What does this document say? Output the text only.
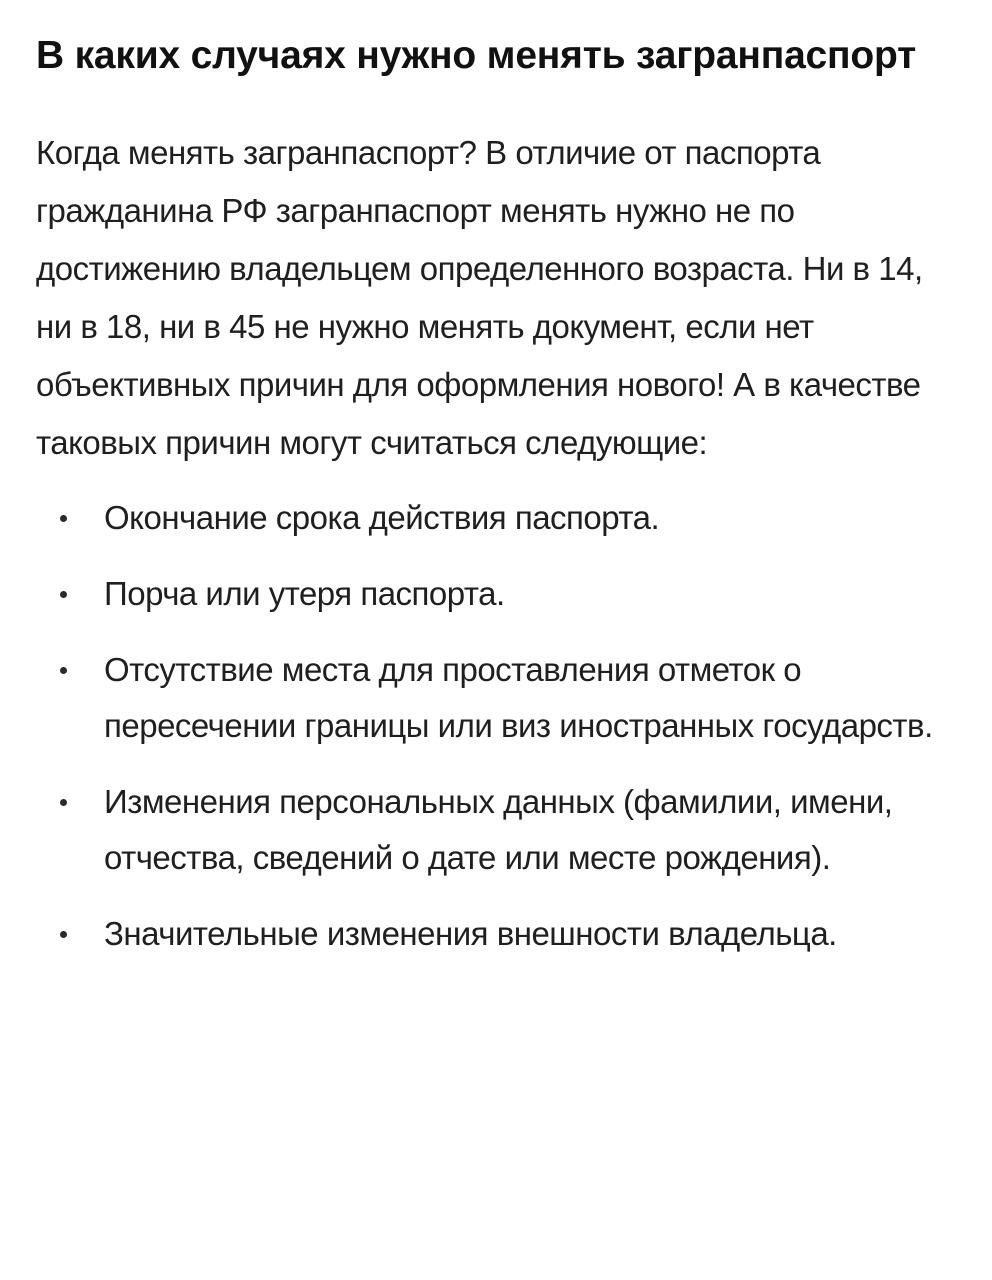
В каких случаях нужно менять загранпаспорт

Когда менять загранпаспорт? В отличие от паспорта гражданина РФ загранпаспорт менять нужно не по достижению владельцем определенного возраста. Ни в 14, ни в 18, ни в 45 не нужно менять документ, если нет объективных причин для оформления нового! А в качестве таковых причин могут считаться следующие:

Окончание срока действия паспорта.
Порча или утеря паспорта.
Отсутствие места для проставления отметок о пересечении границы или виз иностранных государств.
Изменения персональных данных (фамилии, имени, отчества, сведений о дате или месте рождения).
Значительные изменения внешности владельца.
